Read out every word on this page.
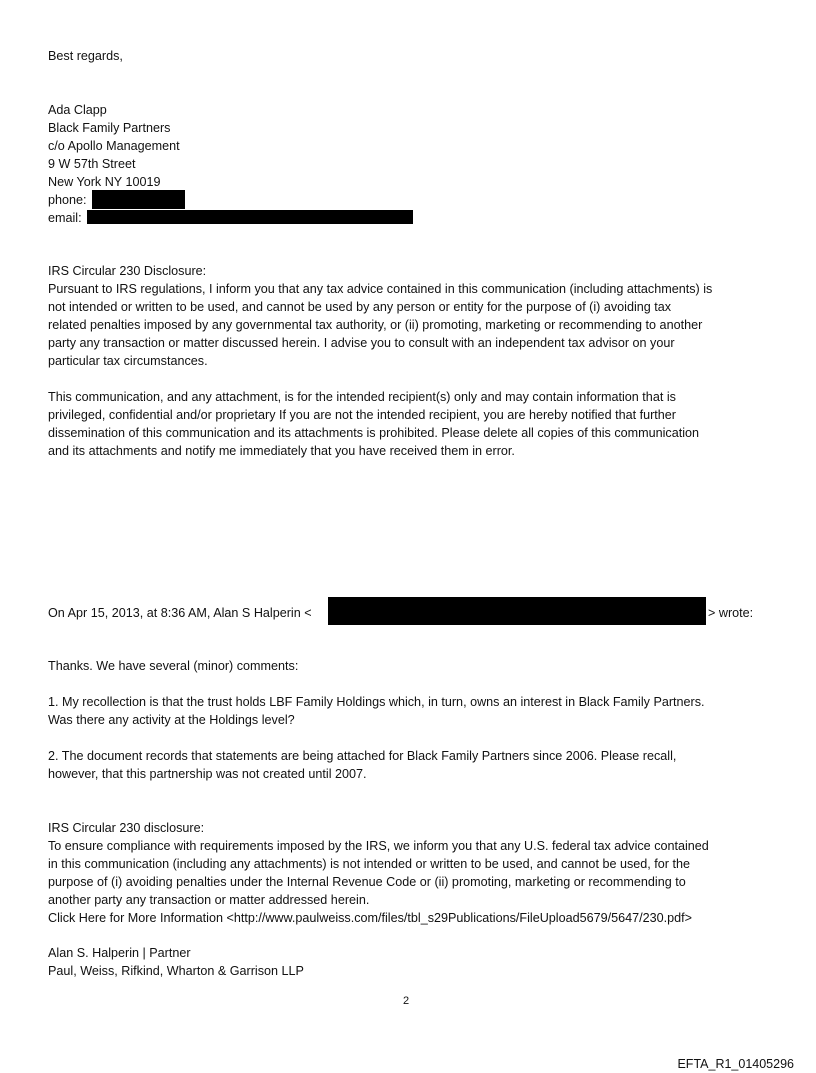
Best regards,
Ada Clapp
Black Family Partners
c/o Apollo Management
9 W 57th Street
New York NY 10019
phone:
email:
IRS Circular 230 Disclosure:
Pursuant to IRS regulations, I inform you that any tax advice contained in this communication (including attachments) is
not intended or written to be used, and cannot be used by any person or entity for the purpose of (i) avoiding tax
related penalties imposed by any governmental tax authority, or (ii) promoting, marketing or recommending to another
party any transaction or matter discussed herein. I advise you to consult with an independent tax advisor on your
particular tax circumstances.
This communication, and any attachment, is for the intended recipient(s) only and may contain information that is
privileged, confidential and/or proprietary If you are not the intended recipient, you are hereby notified that further
dissemination of this communication and its attachments is prohibited. Please delete all copies of this communication
and its attachments and notify me immediately that you have received them in error.
On Apr 15, 2013, at 8:36 AM, Alan S Halperin <	> wrote:
Thanks. We have several (minor) comments:
1. My recollection is that the trust holds LBF Family Holdings which, in turn, owns an interest in Black Family Partners.
Was there any activity at the Holdings level?
2. The document records that statements are being attached for Black Family Partners since 2006. Please recall,
however, that this partnership was not created until 2007.
IRS Circular 230 disclosure:
To ensure compliance with requirements imposed by the IRS, we inform you that any U.S. federal tax advice contained
in this communication (including any attachments) is not intended or written to be used, and cannot be used, for the
purpose of (i) avoiding penalties under the Internal Revenue Code or (ii) promoting, marketing or recommending to
another party any transaction or matter addressed herein.
Click Here for More Information <http://www.paulweiss.com/files/tbl_s29Publications/FileUpload5679/5647/230.pdf>
Alan S. Halperin | Partner
Paul, Weiss, Rifkind, Wharton & Garrison LLP
2
EFTA_R1_01405296
